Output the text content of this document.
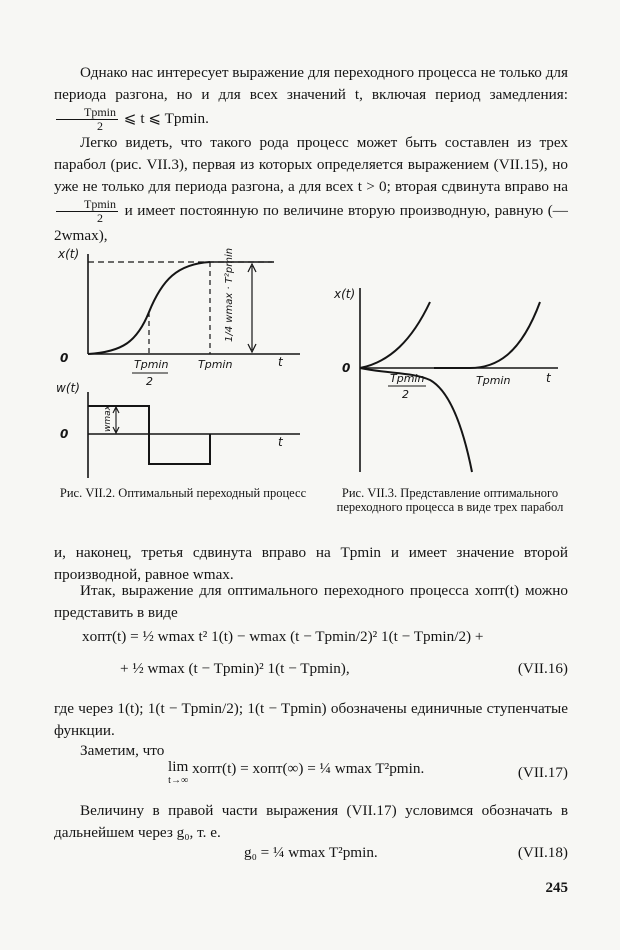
Однако нас интересует выражение для переходного процесса не только для периода разгона, но и для всех значений t, включая период замедления:
$\frac{Tpmin}{2}$ ⩽ t ⩽ Tpmin.

Легко видеть, что такого рода процесс может быть составлен из трех парабол (рис. VII.3), первая из которых определяется выражением (VII.15), но уже не только для периода разгона, а для всех t > 0; вторая сдвинута вправо на
$\frac{Tpmin}{2}$ и имеет постоянную по величине вторую производную, равную (— 2wmax),

1/4 wmax · T²pmin
x(t)
0	t
Tpmin
2
Tpmin
wmax
w(t)
0
t

Рис. VII.2. Оптимальный переходный процесс

x(t)
0
t
Tpmin
2
Tpmin

Рис. VII.3. Представление оптимального переходного процесса в виде трех парабол

и, наконец, третья сдвинута вправо на Tpmin и имеет значение второй производной, равное wmax.

Итак, выражение для оптимального переходного процесса xопт(t) можно представить в виде

xопт(t) = ½ wmax t² 1(t) − wmax (t − Tpmin/2)² 1(t − Tpmin/2) +
+ ½ wmax (t − Tpmin)² 1(t − Tpmin),	(VII.16)

где через 1(t); 1(t − Tpmin/2); 1(t − Tpmin) обозначены единичные ступенчатые функции.

Заметим, что

lim
t→∞
xопт(t) = xопт(∞) = ¼ wmax T²pmin.	(VII.17)

Величину в правой части выражения (VII.17) условимся обозначать в дальнейшем через g₀, т. е.

g₀ = ¼ wmax T²pmin.	(VII.18)
245
